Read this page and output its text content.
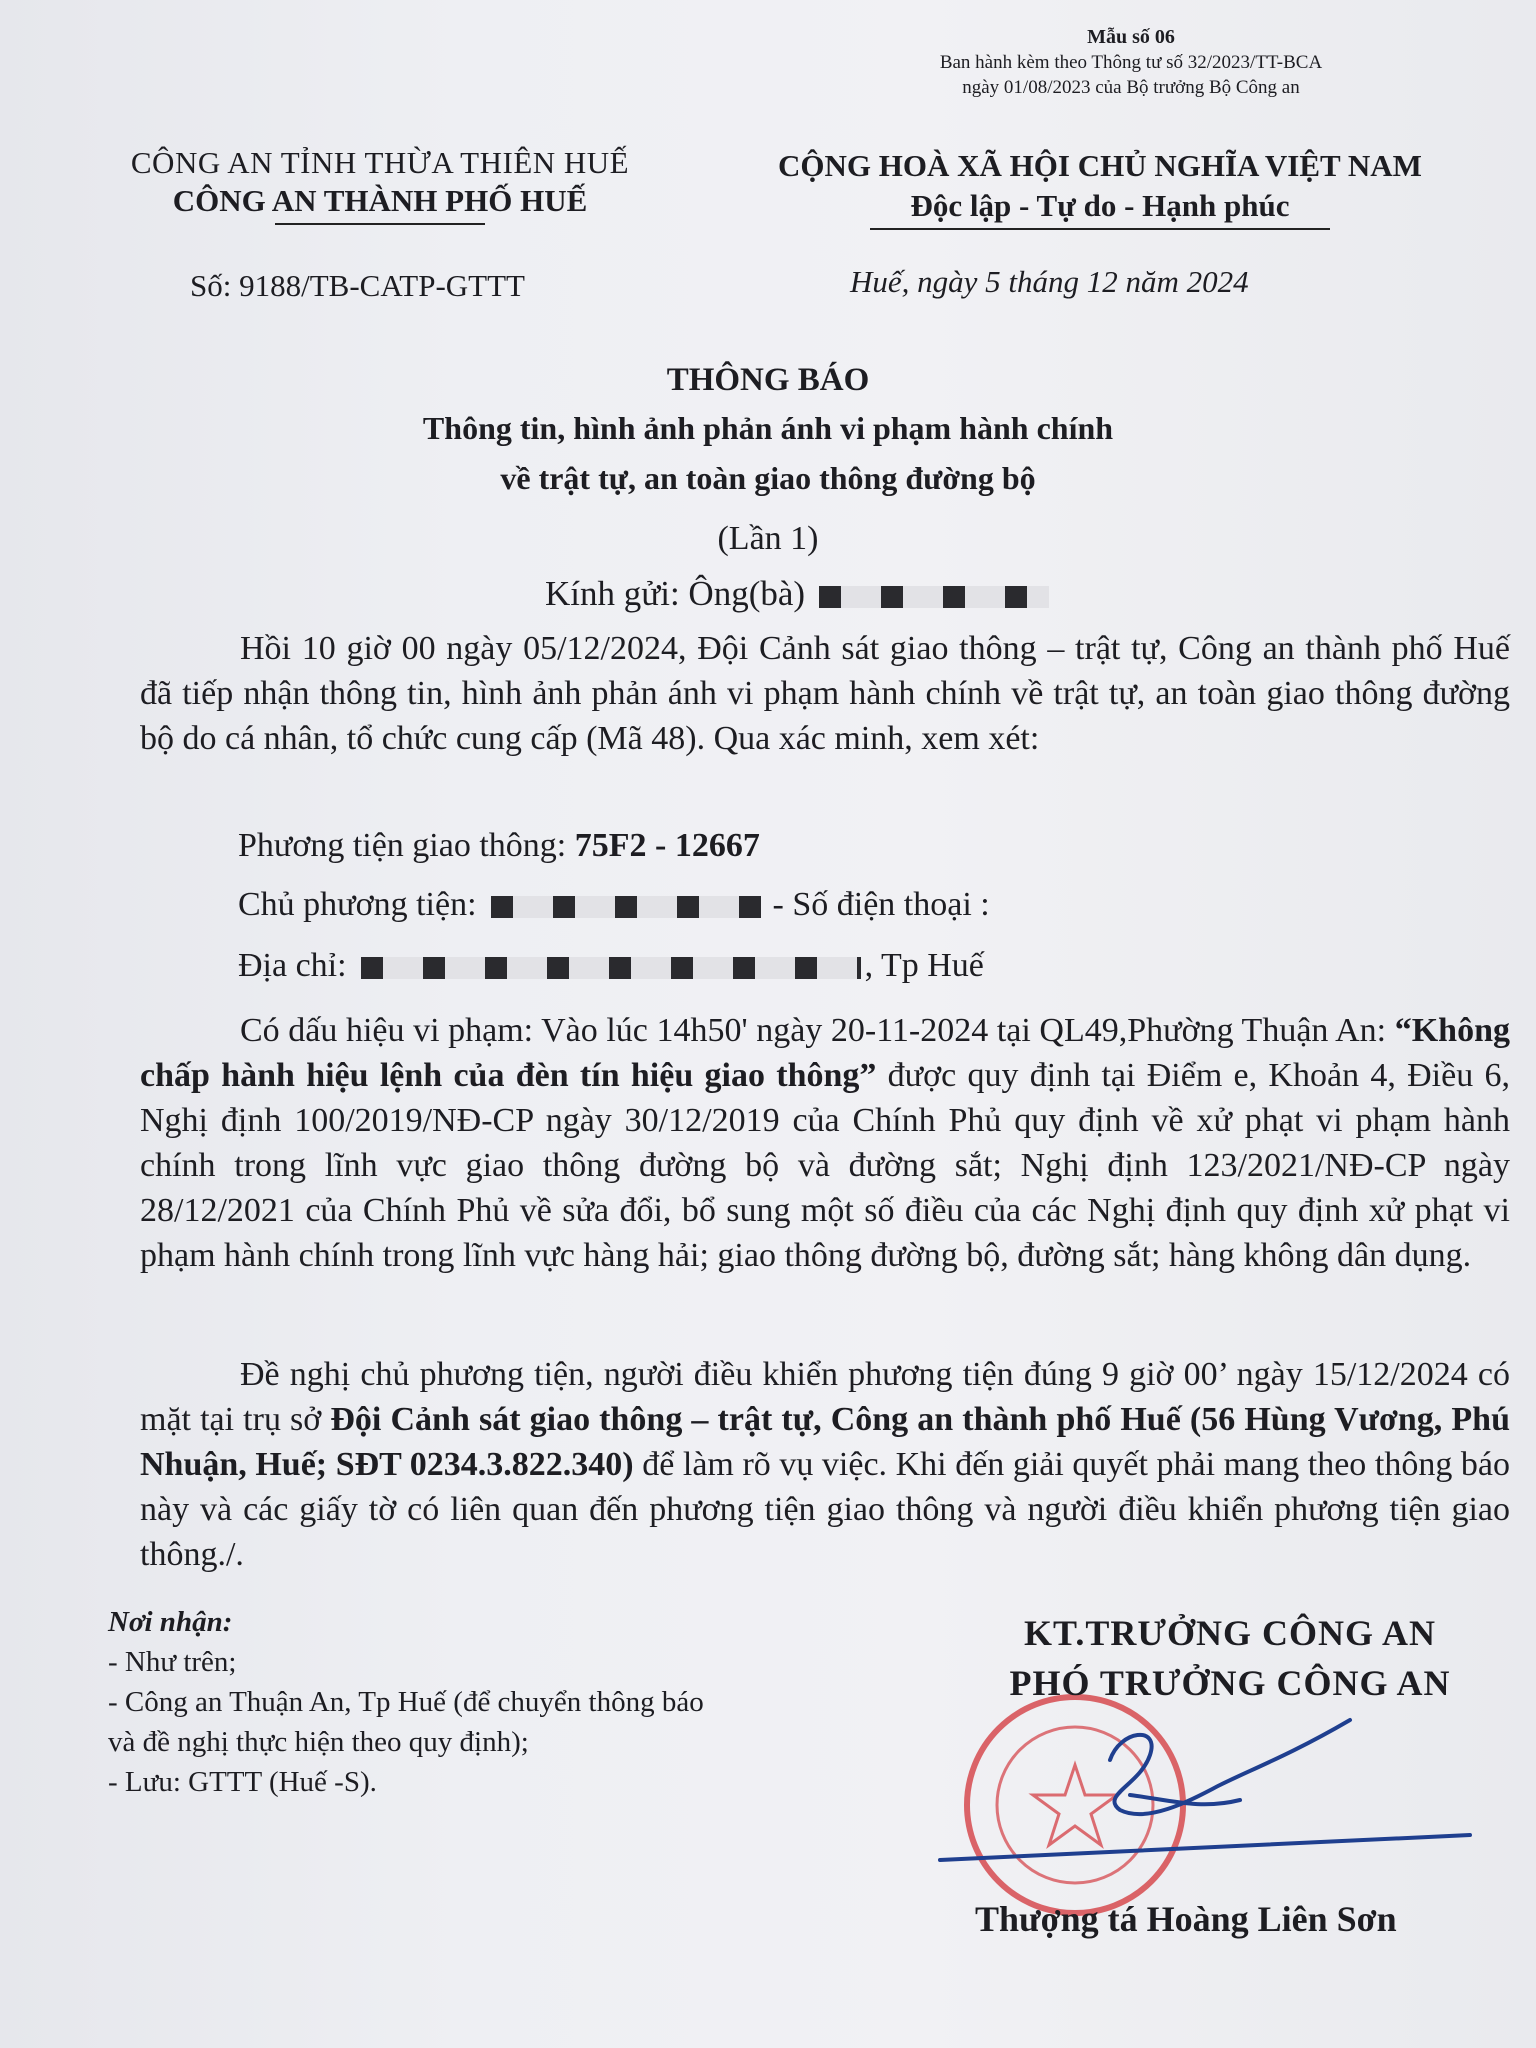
Mẫu số 06
Ban hành kèm theo Thông tư số 32/2023/TT-BCA
ngày 01/08/2023 của Bộ trưởng Bộ Công an
CÔNG AN TỈNH THỪA THIÊN HUẾ
CÔNG AN THÀNH PHỐ HUẾ
CỘNG HOÀ XÃ HỘI CHỦ NGHĨA VIỆT NAM
Độc lập - Tự do - Hạnh phúc
Số: 9188/TB-CATP-GTTT	Huế, ngày 5 tháng 12 năm 2024
THÔNG BÁO
Thông tin, hình ảnh phản ánh vi phạm hành chính
về trật tự, an toàn giao thông đường bộ
(Lần 1)
Kính gửi: Ông(bà)
Hồi 10 giờ 00 ngày 05/12/2024, Đội Cảnh sát giao thông – trật tự, Công an thành phố Huế đã tiếp nhận thông tin, hình ảnh phản ánh vi phạm hành chính về trật tự, an toàn giao thông đường bộ do cá nhân, tổ chức cung cấp (Mã 48). Qua xác minh, xem xét:
Phương tiện giao thông: 75F2 - 12667
Chủ phương tiện:	- Số điện thoại :
Địa chỉ:	, Tp Huế
Có dấu hiệu vi phạm: Vào lúc 14h50' ngày 20-11-2024 tại QL49,Phường Thuận An: “Không chấp hành hiệu lệnh của đèn tín hiệu giao thông” được quy định tại Điểm e, Khoản 4, Điều 6, Nghị định 100/2019/NĐ-CP ngày 30/12/2019 của Chính Phủ quy định về xử phạt vi phạm hành chính trong lĩnh vực giao thông đường bộ và đường sắt; Nghị định 123/2021/NĐ-CP ngày 28/12/2021 của Chính Phủ về sửa đổi, bổ sung một số điều của các Nghị định quy định xử phạt vi phạm hành chính trong lĩnh vực hàng hải; giao thông đường bộ, đường sắt; hàng không dân dụng.
Đề nghị chủ phương tiện, người điều khiển phương tiện đúng 9 giờ 00’ ngày 15/12/2024 có mặt tại trụ sở Đội Cảnh sát giao thông – trật tự, Công an thành phố Huế (56 Hùng Vương, Phú Nhuận, Huế; SĐT 0234.3.822.340) để làm rõ vụ việc. Khi đến giải quyết phải mang theo thông báo này và các giấy tờ có liên quan đến phương tiện giao thông và người điều khiển phương tiện giao thông./.
Nơi nhận:
- Như trên;
- Công an Thuận An, Tp Huế (để chuyển thông báo
và đề nghị thực hiện theo quy định);
- Lưu: GTTT (Huế -S).
KT.TRƯỞNG CÔNG AN
PHÓ TRƯỞNG CÔNG AN
Thượng tá Hoàng Liên Sơn
